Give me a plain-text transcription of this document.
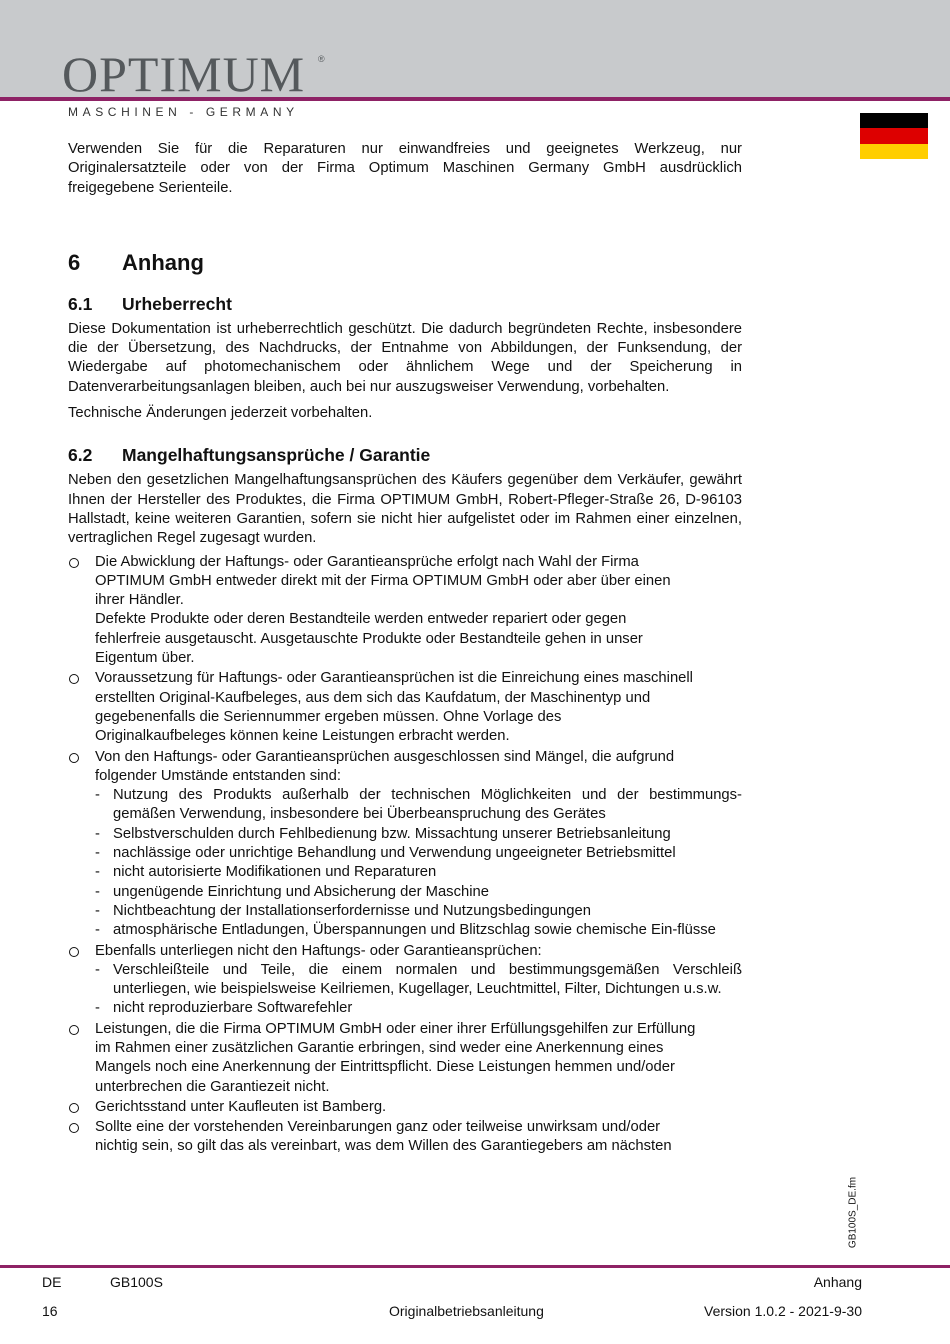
OPTIMUM ®
MASCHINEN - GERMANY

Verwenden Sie für die Reparaturen nur einwandfreies und geeignetes Werkzeug, nur Originalersatzteile oder von der Firma Optimum Maschinen Germany GmbH ausdrücklich freigegebene Serienteile.

6	Anhang
6.1	Urheberrecht

Diese Dokumentation ist urheberrechtlich geschützt. Die dadurch begründeten Rechte, insbesondere die der Übersetzung, des Nachdrucks, der Entnahme von Abbildungen, der Funksendung, der Wiedergabe auf photomechanischem oder ähnlichem Wege und der Speicherung in Datenverarbeitungsanlagen bleiben, auch bei nur auszugsweiser Verwendung, vorbehalten.

Technische Änderungen jederzeit vorbehalten.

6.2	Mangelhaftungsansprüche / Garantie

Neben den gesetzlichen Mangelhaftungsansprüchen des Käufers gegenüber dem Verkäufer, gewährt Ihnen der Hersteller des Produktes, die Firma OPTIMUM GmbH, Robert-Pfleger-Straße 26, D-96103 Hallstadt, keine weiteren Garantien, sofern sie nicht hier aufgelistet oder im Rahmen einer einzelnen, vertraglichen Regel zugesagt wurden.

Die Abwicklung der Haftungs- oder Garantieansprüche erfolgt nach Wahl der Firma
OPTIMUM GmbH entweder direkt mit der Firma OPTIMUM GmbH oder aber über einen
ihrer Händler.
Defekte Produkte oder deren Bestandteile werden entweder repariert oder gegen
fehlerfreie ausgetauscht. Ausgetauschte Produkte oder Bestandteile gehen in unser
Eigentum über.
Voraussetzung für Haftungs- oder Garantieansprüchen ist die Einreichung eines maschinell
erstellten Original-Kaufbeleges, aus dem sich das Kaufdatum, der Maschinentyp und
gegebenenfalls die Seriennummer ergeben müssen. Ohne Vorlage des
Originalkaufbeleges können keine Leistungen erbracht werden.
Von den Haftungs- oder Garantieansprüchen ausgeschlossen sind Mängel, die aufgrund
folgender Umstände entstanden sind:
- Nutzung des Produkts außerhalb der technischen Möglichkeiten und der bestimmungs-gemäßen Verwendung, insbesondere bei Überbeanspruchung des Gerätes
- Selbstverschulden durch Fehlbedienung bzw. Missachtung unserer Betriebsanleitung
- nachlässige oder unrichtige Behandlung und Verwendung ungeeigneter Betriebsmittel
- nicht autorisierte Modifikationen und Reparaturen
- ungenügende Einrichtung und Absicherung der Maschine
- Nichtbeachtung der Installationserfordernisse und Nutzungsbedingungen
- atmosphärische Entladungen, Überspannungen und Blitzschlag sowie chemische Ein-flüsse
Ebenfalls unterliegen nicht den Haftungs- oder Garantieansprüchen:
- Verschleißteile und Teile, die einem normalen und bestimmungsgemäßen Verschleiß unterliegen, wie beispielsweise Keilriemen, Kugellager, Leuchtmittel, Filter, Dichtungen u.s.w.
- nicht reproduzierbare Softwarefehler
Leistungen, die die Firma OPTIMUM GmbH oder einer ihrer Erfüllungsgehilfen zur Erfüllung
im Rahmen einer zusätzlichen Garantie erbringen, sind weder eine Anerkennung eines
Mangels noch eine Anerkennung der Eintrittspflicht. Diese Leistungen hemmen und/oder
unterbrechen die Garantiezeit nicht.
Gerichtsstand unter Kaufleuten ist Bamberg.
Sollte eine der vorstehenden Vereinbarungen ganz oder teilweise unwirksam und/oder
nichtig sein, so gilt das als vereinbart, was dem Willen des Garantiegebers am nächsten
GB100S_DE.fm
DE	GB100S	Anhang
16	Originalbetriebsanleitung	Version 1.0.2 - 2021-9-30
